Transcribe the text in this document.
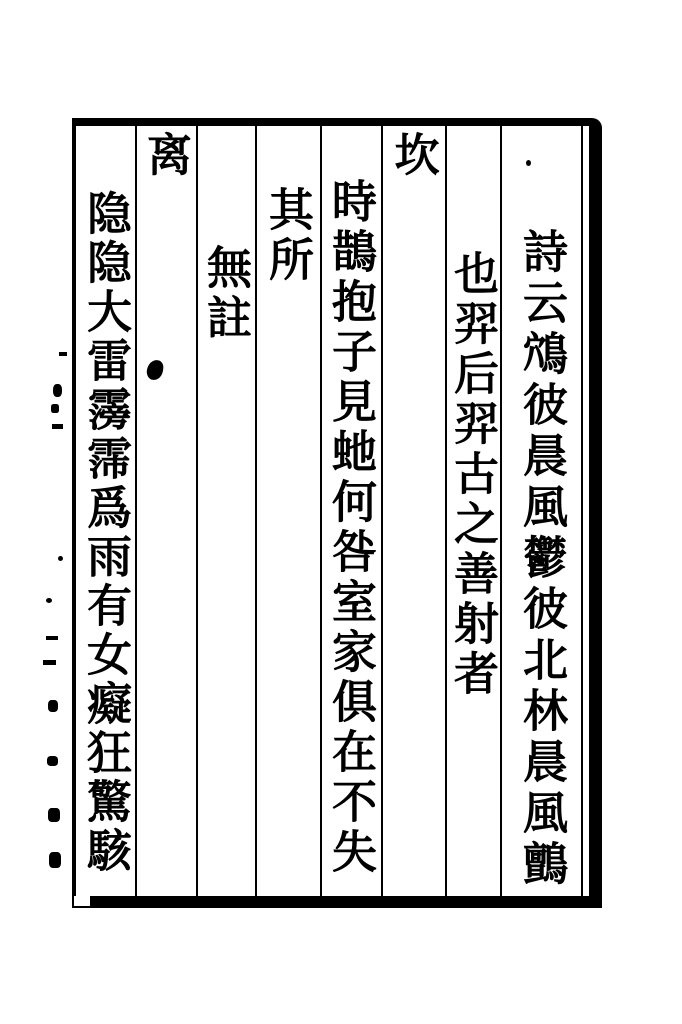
詩云鴪彼晨風鬱彼北林晨風鸇
也羿后羿古之善射者
坎
時鵲抱子見虵何咎室家俱在不失
其所
無註
离
隐隐大雷霶霈爲雨有女癡狂驚駭
